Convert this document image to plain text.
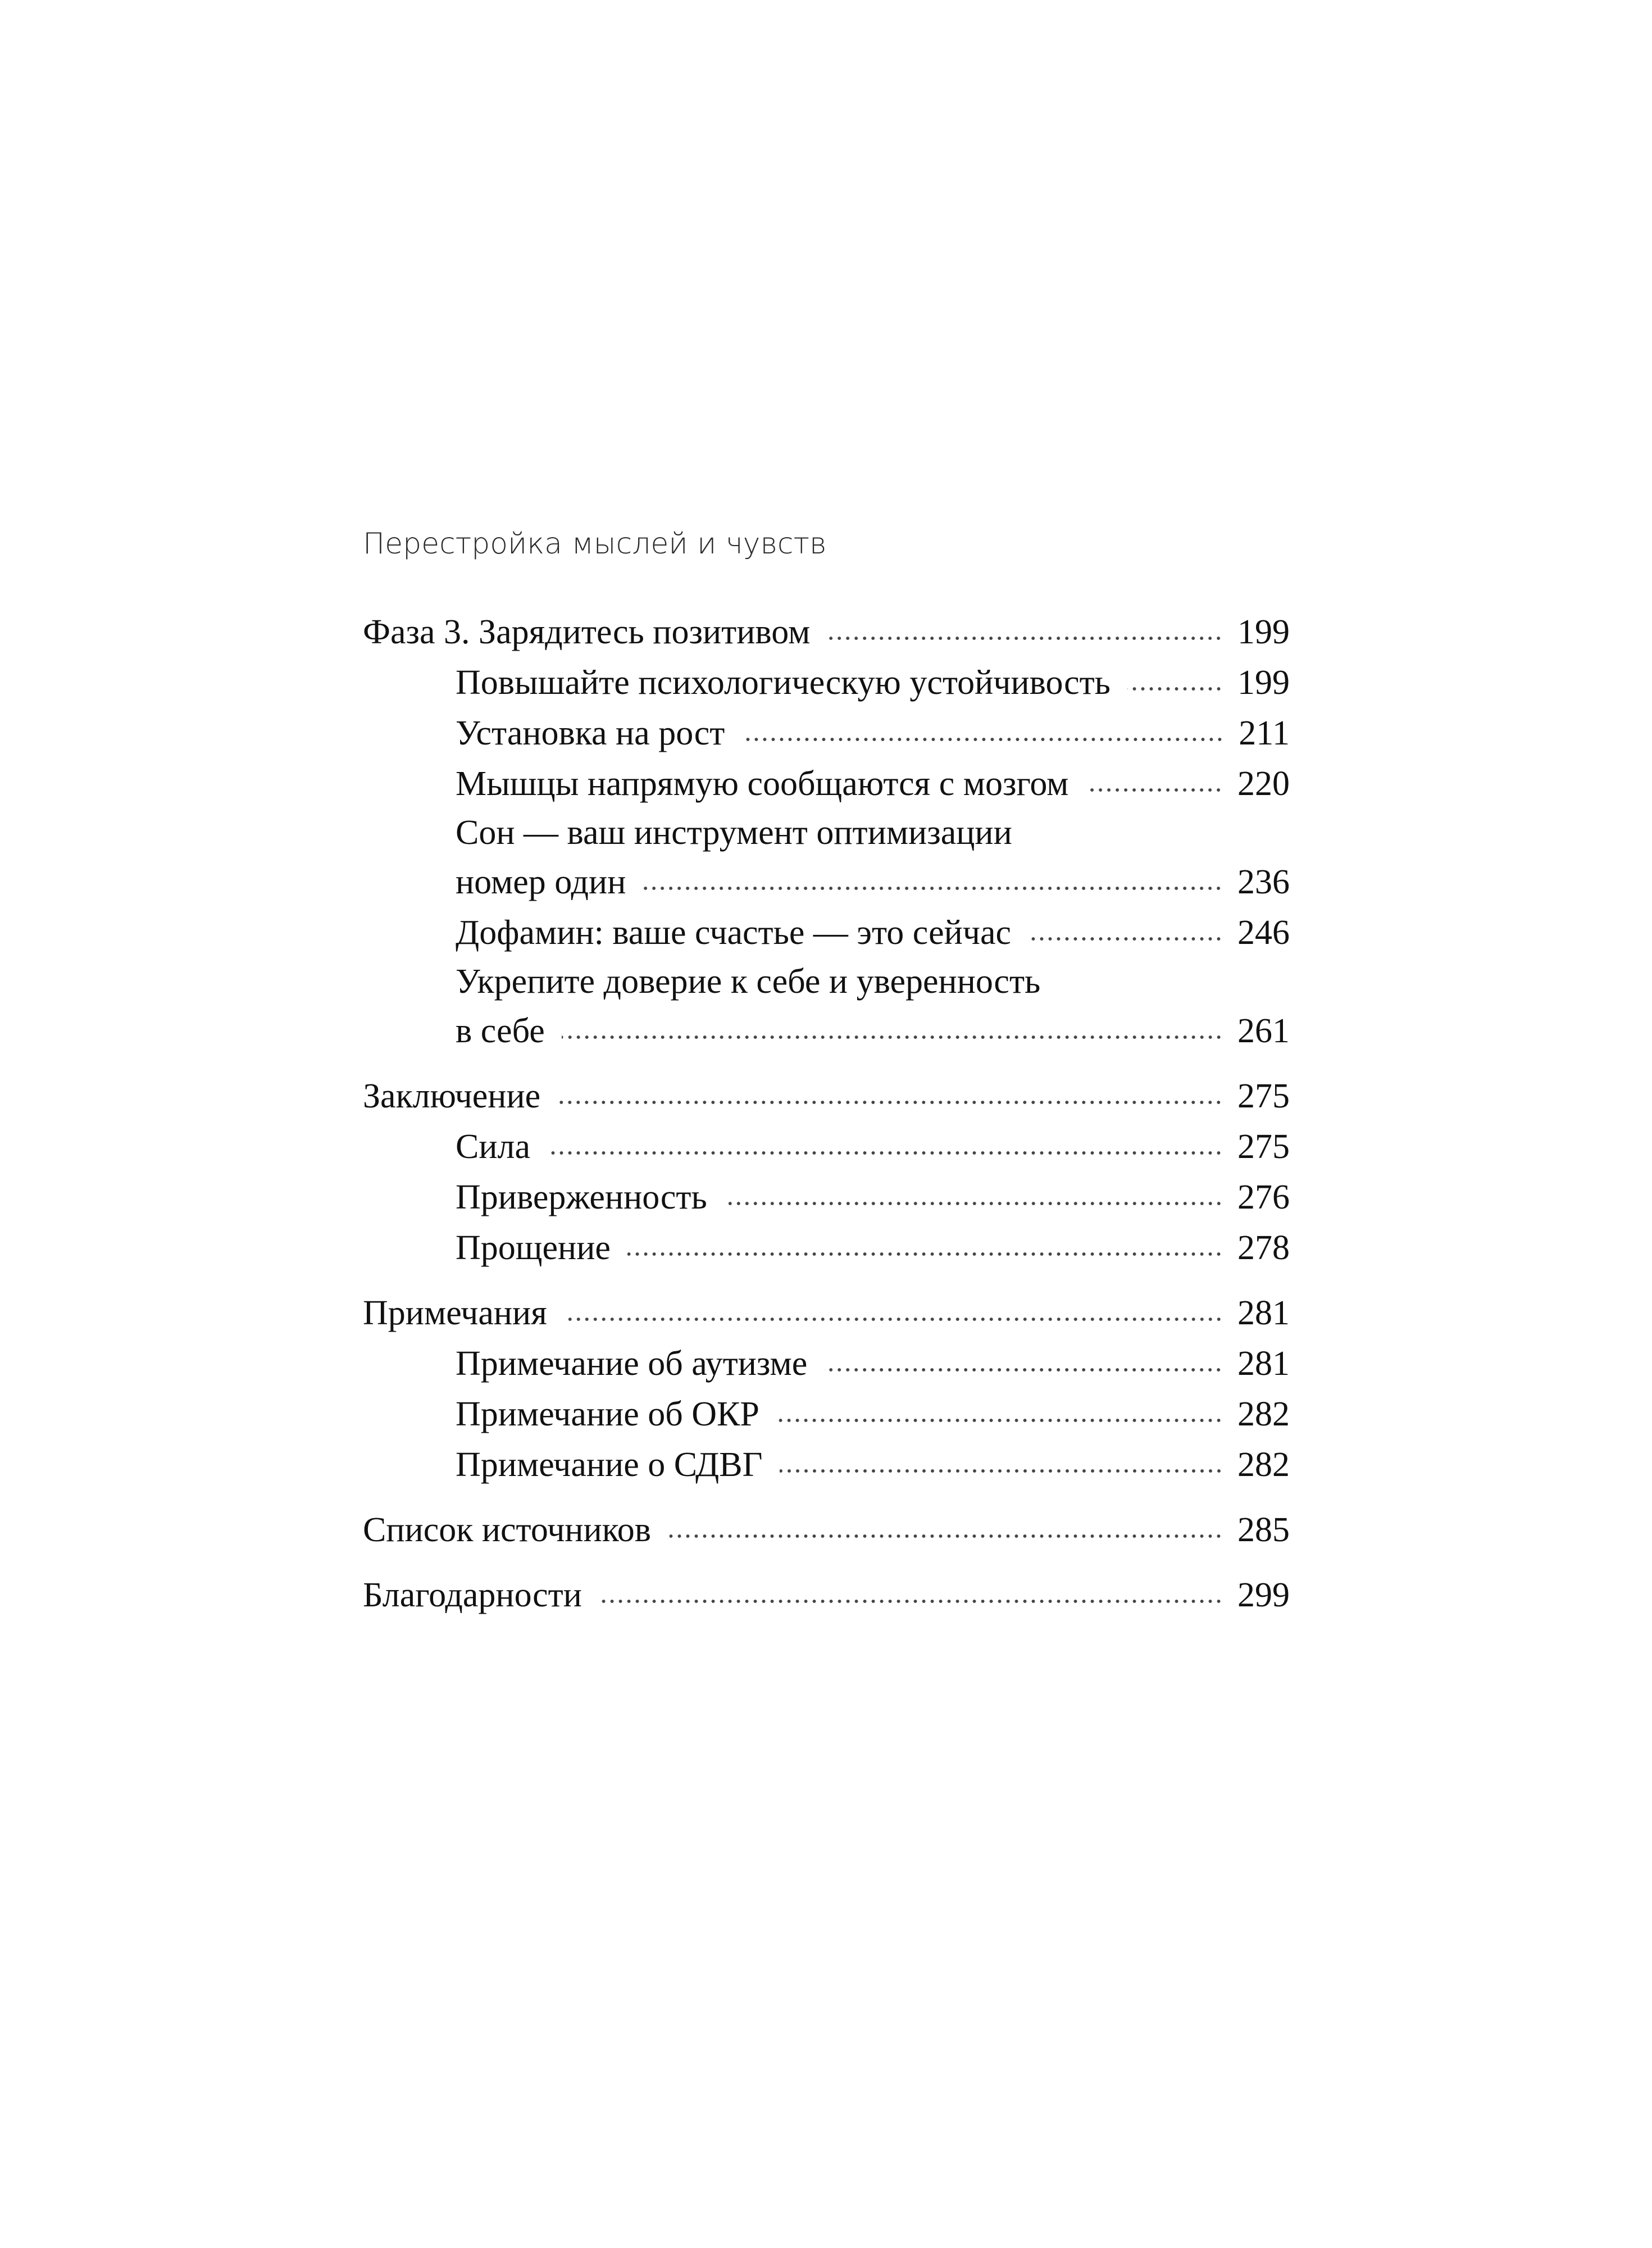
Перестройка мыслей и чувств
Фаза 3. Зарядитесь позитивом	199
Повышайте психологическую устойчивость	199
Установка на рост	211
Мышцы напрямую сообщаются с мозгом	220
Сон — ваш инструмент оптимизации
номер один	236
Дофамин: ваше счастье — это сейчас	246
Укрепите доверие к себе и уверенность
в себе	261
Заключение	275
Сила	275
Приверженность	276
Прощение	278
Примечания	281
Примечание об аутизме	281
Примечание об ОКР	282
Примечание о СДВГ	282
Список источников	285
Благодарности	299
